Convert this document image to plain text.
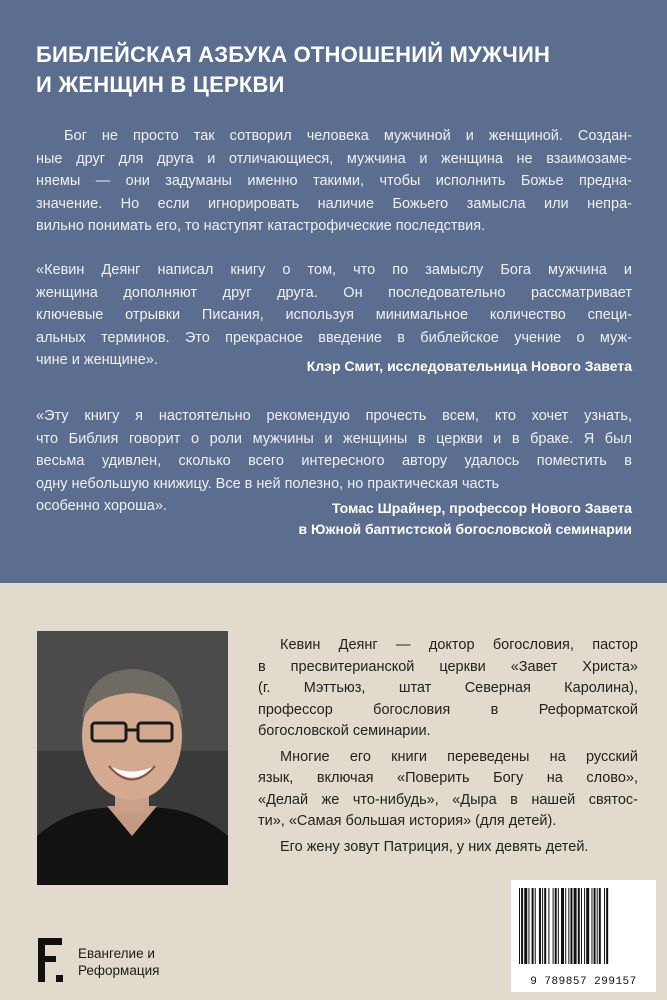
БИБЛЕЙСКАЯ АЗБУКА ОТНОШЕНИЙ МУЖЧИН
И ЖЕНЩИН В ЦЕРКВИ
Бог не просто так сотворил человека мужчиной и женщиной. Создан-
ные друг для друга и отличающиеся, мужчина и женщина не взаимозаме-
няемы — они задуманы именно такими, чтобы исполнить Божье предна-
значение. Но если игнорировать наличие Божьего замысла или непра-
вильно понимать его, то наступят катастрофические последствия.
«Кевин Деянг написал книгу о том, что по замыслу Бога мужчина и
женщина дополняют друг друга. Он последовательно рассматривает
ключевые отрывки Писания, используя минимальное количество специ-
альных терминов. Это прекрасное введение в библейское учение о муж-
чине и женщине».	Клэр Смит, исследовательница Нового Завета
«Эту книгу я настоятельно рекомендую прочесть всем, кто хочет узнать,
что Библия говорит о роли мужчины и женщины в церкви и в браке. Я был
весьма удивлен, сколько всего интересного автору удалось поместить в
одну небольшую книжицу. Все в ней полезно, но практическая часть
особенно хороша».	Томас Шрайнер, профессор Нового Завета
в Южной баптистской богословской семинарии
Кевин Деянг — доктор богословия, пастор
в пресвитерианской церкви «Завет Христа»
(г. Мэттьюз, штат Северная Каролина),
профессор богословия в Реформатской
богословской семинарии.
Многие его книги переведены на русский
язык, включая «Поверить Богу на слово»,
«Делай же что-нибудь», «Дыра в нашей святос-
ти», «Самая большая история» (для детей).
Его жену зовут Патриция, у них девять детей.
Евангелие и
Реформация
9 789857 299157
